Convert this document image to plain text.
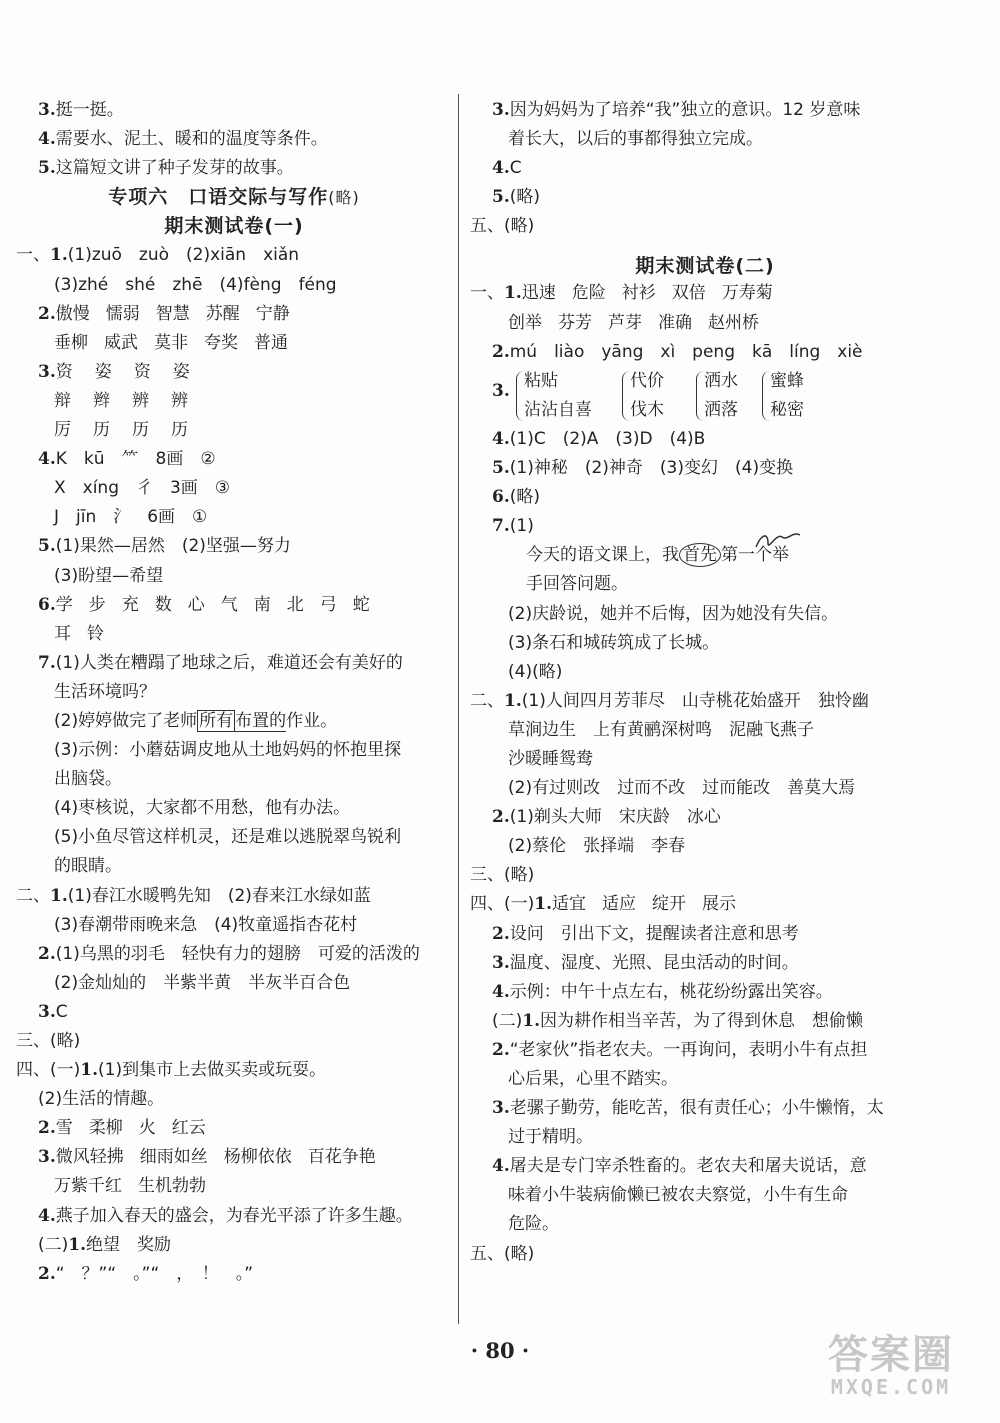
3.挺一挺。
4.需要水、泥土、暖和的温度等条件。
5.这篇短文讲了种子发芽的故事。
专项六　口语交际与写作(略)
期末测试卷(一)
一、1.(1)zuō　zuò　(2)xiān　xiǎn
(3)zhé　shé　zhē　(4)fèng　féng
2.傲慢 懦弱 智慧 苏醒 宁静
垂柳 威武 莫非 夸奖 普通
3.资 姿 资 姿
辩 辫 辨 辨
厉 历 历 历
4.K　kū　⺮　8画　②
X　xíng　彳　3画　③
J　jīn　氵　6画　①
5.(1)果然—居然　(2)坚强—努力
(3)盼望—希望
6.学 步 充 数 心 气 南 北 弓 蛇
耳 铃
7.(1)人类在糟蹋了地球之后，难道还会有美好的
生活环境吗？
(2)婷婷做完了老师 所有 布置的作业。
(3)示例：小蘑菇调皮地从土地妈妈的怀抱里探
出脑袋。
(4)枣核说，大家都不用愁，他有办法。
(5)小鱼尽管这样机灵，还是难以逃脱翠鸟锐利
的眼睛。
二、1.(1)春江水暖鸭先知　(2)春来江水绿如蓝
(3)春潮带雨晚来急　(4)牧童遥指杏花村
2.(1)乌黑的羽毛　轻快有力的翅膀　可爱的活泼的
(2)金灿灿的　半紫半黄　半灰半百合色
3.C
三、(略)
四、(一)1.(1)到集市上去做买卖或玩耍。
(2)生活的情趣。
2.雪 柔柳 火 红云
3.微风轻拂 细雨如丝 杨柳依依 百花争艳
万紫千红 生机勃勃
4.燕子加入春天的盛会，为春光平添了许多生趣。
(二)1.绝望　奖励
2.“　？”“　。”“　，　！　。”
3.因为妈妈为了培养“我”独立的意识。12 岁意味
着长大，以后的事都得独立完成。
4.C
5.(略)
五、(略)
期末测试卷(二)
一、1.迅速 危险 衬衫 双倍 万寿菊
创举 芬芳 芦芽 准确 赵州桥
2.mú　liào　yāng　xì　peng　kā　líng　xiè
3. 粘贴
沾沾自喜
代价
伐木
洒水
洒落
蜜蜂
秘密
4.(1)C　(2)A　(3)D　(4)B
5.(1)神秘　(2)神奇　(3)变幻　(4)变换
6.(略)
7.(1)
今天的语文课上，我 首先 第一个举
手回答问题。
(2)庆龄说，她并不后悔，因为她没有失信。
(3)条石和城砖筑成了长城。
(4)(略)
二、1.(1)人间四月芳菲尽　山寺桃花始盛开　独怜幽
草涧边生　上有黄鹂深树鸣　泥融飞燕子
沙暖睡鸳鸯
(2)有过则改　过而不改　过而能改　善莫大焉
2.(1)剃头大师　宋庆龄　冰心
(2)蔡伦　张择端　李春
三、(略)
四、(一)1.适宜 适应 绽开 展示
2.设问　引出下文，提醒读者注意和思考
3.温度、湿度、光照、昆虫活动的时间。
4.示例：中午十点左右，桃花纷纷露出笑容。
(二)1.因为耕作相当辛苦，为了得到休息　想偷懒
2.“老家伙”指老农夫。一再询问，表明小牛有点担
心后果，心里不踏实。
3.老骡子勤劳，能吃苦，很有责任心；小牛懒惰，太
过于精明。
4.屠夫是专门宰杀牲畜的。老农夫和屠夫说话，意
味着小牛装病偷懒已被农夫察觉，小牛有生命
危险。
五、(略)
· 80 ·	答案圈
MXQE.COM
